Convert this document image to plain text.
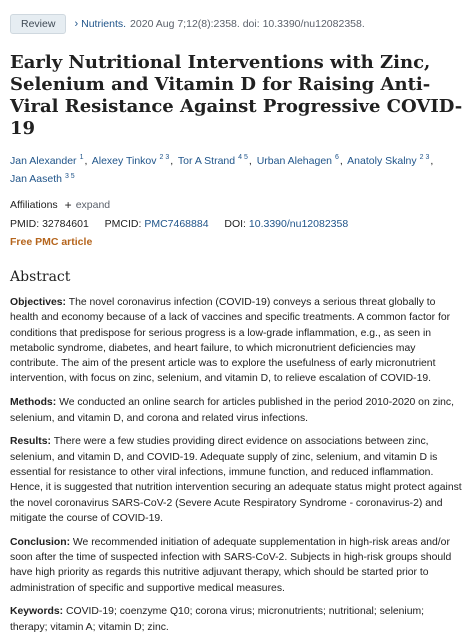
Review	› Nutrients. 2020 Aug 7;12(8):2358. doi: 10.3390/nu12082358.
Early Nutritional Interventions with Zinc, Selenium and Vitamin D for Raising Anti-Viral Resistance Against Progressive COVID-19
Jan Alexander $^1$, Alexey Tinkov $^{2 3}$, Tor A Strand $^{4 5}$, Urban Alehagen $^6$, Anatoly Skalny $^{2 3}$,
Jan Aaseth $^{3 5}$
Affiliations + expand
PMID: 32784601 PMCID: PMC7468884 DOI: 10.3390/nu12082358
Free PMC article
Abstract

Objectives: The novel coronavirus infection (COVID-19) conveys a serious threat globally to health and economy because of a lack of vaccines and specific treatments. A common factor for conditions that predispose for serious progress is a low-grade inflammation, e.g., as seen in metabolic syndrome, diabetes, and heart failure, to which micronutrient deficiencies may contribute. The aim of the present article was to explore the usefulness of early micronutrient intervention, with focus on zinc, selenium, and vitamin D, to relieve escalation of COVID-19.

Methods: We conducted an online search for articles published in the period 2010-2020 on zinc, selenium, and vitamin D, and corona and related virus infections.

Results: There were a few studies providing direct evidence on associations between zinc, selenium, and vitamin D, and COVID-19. Adequate supply of zinc, selenium, and vitamin D is essential for resistance to other viral infections, immune function, and reduced inflammation. Hence, it is suggested that nutrition intervention securing an adequate status might protect against the novel coronavirus SARS-CoV-2 (Severe Acute Respiratory Syndrome - coronavirus-2) and mitigate the course of COVID-19.

Conclusion: We recommended initiation of adequate supplementation in high-risk areas and/or soon after the time of suspected infection with SARS-CoV-2. Subjects in high-risk groups should have high priority as regards this nutritive adjuvant therapy, which should be started prior to administration of specific and supportive medical measures.

Keywords: COVID-19; coenzyme Q10; corona virus; micronutrients; nutritional; selenium; therapy; vitamin A; vitamin D; zinc.
